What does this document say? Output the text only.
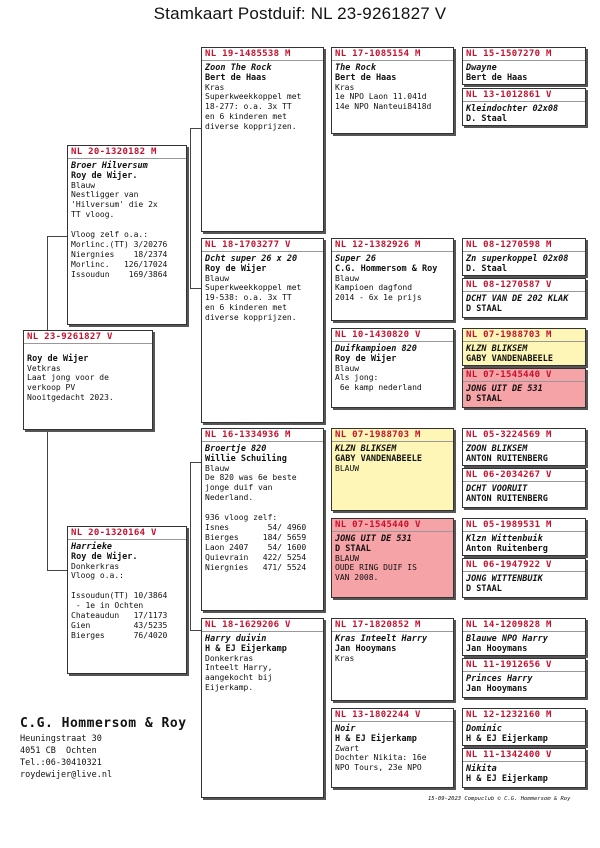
Stamkaart Postduif: NL 23-9261827 V
NL 23-9261827 V
Roy de Wijer
Vetkras
Laat jong voor de
verkoop PV
Nooitgedacht 2023.
NL 20-1320182 M
Broer Hilversum
Roy de Wijer.
Blauw
Nestligger van
'Hilversum' die 2x
TT vloog.

Vloog zelf o.a.:

Morlinc.(TT) 3/20276
Niergnies    18/2374
Morlinc.   126/17024
Issoudun    169/3864
NL 20-1320164 V
Harrieke
Roy de Wijer.
Donkerkras
Vloog o.a.:

Issoudun(TT) 10/3864
- 1e in Ochten

Chateaudun   17/1173
Gien         43/5235
Bierges      76/4020
NL 19-1485538 M
Zoon The Rock
Bert de Haas
Kras
Superkweekkoppel met
18-277: o.a. 3x TT
en 6 kinderen met
diverse kopprijzen.
NL 18-1703277 V
Dcht super 26 x 20
Roy de Wijer
Blauw
Superkweekkoppel met
19-538: o.a. 3x TT
en 6 kinderen met
diverse kopprijzen.
NL 16-1334936 M
Broertje 820
Willie Schuiling
Blauw
De 820 was 6e beste
jonge duif van
Nederland.

936 vloog zelf:

Isnes        54/ 4960
Bierges     184/ 5659
Laon 2407    54/ 1600
Quievrain   422/ 5254
Niergnies   471/ 5524
NL 18-1629206 V
Harry duivin
H & EJ Eijerkamp
Donkerkras
Inteelt Harry,
aangekocht bij
Eijerkamp.
NL 17-1085154 M
The Rock
Bert de Haas
Kras
1e NPO Laon 11.041d
14e NPO Nanteui8418d
NL 12-1382926 M
Super 26
C.G. Hommersom & Roy
Blauw
Kampioen dagfond
2014 - 6x 1e prijs
NL 10-1430820 V
Duifkampioen 820
Roy de Wijer
Blauw
Als jong:
6e kamp nederland
NL 07-1988703 M
KLZN BLIKSEM
GABY VANDENABEELE
BLAUW
NL 07-1545440 V
JONG UIT DE 531
D STAAL
BLAUW
OUDE RING DUIF IS
VAN 2008.
NL 17-1820852 M
Kras Inteelt Harry
Jan Hooymans
Kras
NL 13-1802244 V
Noir
H & EJ Eijerkamp
Zwart
Dochter Nikita: 16e
NPO Tours, 23e NPO
NL 15-1507270 M
Dwayne
Bert de Haas
NL 13-1012861 V
Kleindochter 02x08
D. Staal
NL 08-1270598 M
Zn superkoppel 02x08
D. Staal
NL 08-1270587 V
DCHT VAN DE 202 KLAK
D STAAL
NL 07-1988703 M
KLZN BLIKSEM
GABY VANDENABEELE
NL 07-1545440 V
JONG UIT DE 531
D STAAL
NL 05-3224569 M
ZOON BLIKSEM
ANTON RUITENBERG
NL 06-2034267 V
DCHT VOORUIT
ANTON RUITENBERG
NL 05-1989531 M
Klzn Wittenbuik
Anton Ruitenberg
NL 06-1947922 V
JONG WITTENBUIK
D STAAL
NL 14-1209828 M
Blauwe NPO Harry
Jan Hooymans
NL 11-1912656 V
Princes Harry
Jan Hooymans
NL 12-1232160 M
Dominic
H & EJ Eijerkamp
NL 11-1342400 V
Nikita
H & EJ Eijerkamp
C.G. Hommersom & Roy
Heuningstraat 30
4051 CB  Ochten
Tel.:06-30410321
roydewijer@live.nl
15-09-2023 Compuclub © C.G. Hommersom & Roy
